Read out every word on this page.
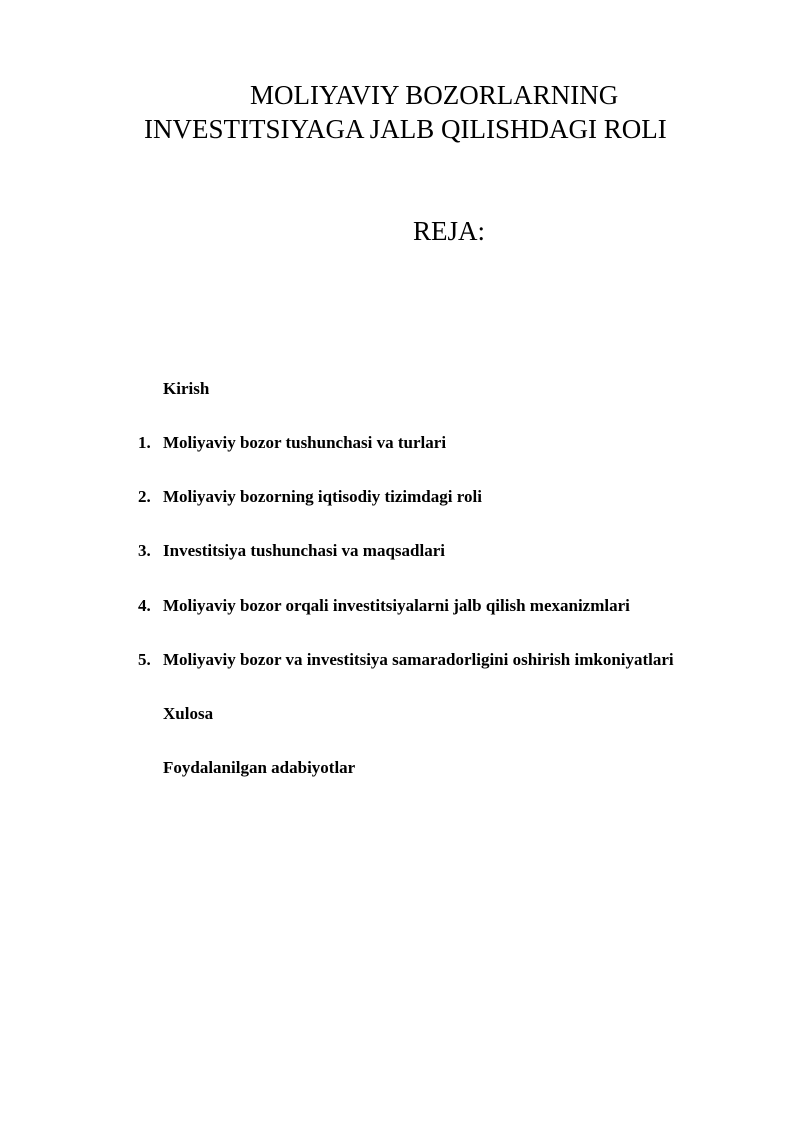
MOLIYAVIY BOZORLARNING
INVESTITSIYAGA JALB QILISHDAGI ROLI
REJA:
Kirish
1. Moliyaviy bozor tushunchasi va turlari
2. Moliyaviy bozorning iqtisodiy tizimdagi roli
3. Investitsiya tushunchasi va maqsadlari
4. Moliyaviy bozor orqali investitsiyalarni jalb qilish mexanizmlari
5. Moliyaviy bozor va investitsiya samaradorligini oshirish imkoniyatlari
Xulosa
Foydalanilgan adabiyotlar
